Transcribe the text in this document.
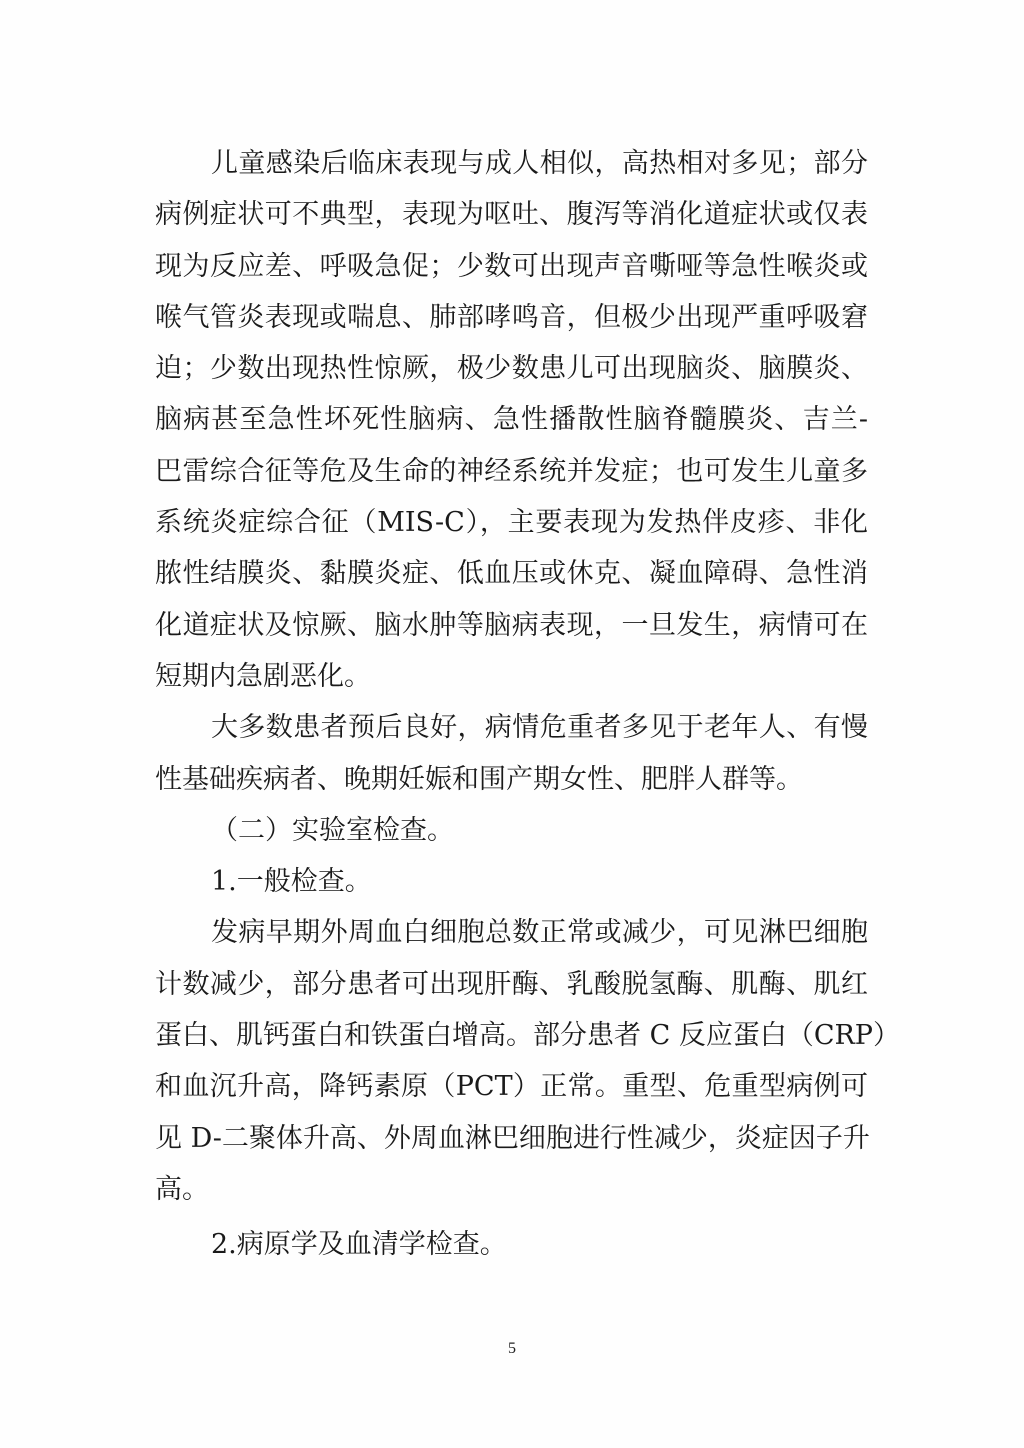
儿童感染后临床表现与成人相似，高热相对多见；部分
病例症状可不典型，表现为呕吐、腹泻等消化道症状或仅表
现为反应差、呼吸急促；少数可出现声音嘶哑等急性喉炎或
喉气管炎表现或喘息、肺部哮鸣音，但极少出现严重呼吸窘
迫；少数出现热性惊厥，极少数患儿可出现脑炎、脑膜炎、
脑病甚至急性坏死性脑病、急性播散性脑脊髓膜炎、吉兰-
巴雷综合征等危及生命的神经系统并发症；也可发生儿童多
系统炎症综合征（MIS-C），主要表现为发热伴皮疹、非化
脓性结膜炎、黏膜炎症、低血压或休克、凝血障碍、急性消
化道症状及惊厥、脑水肿等脑病表现，一旦发生，病情可在
短期内急剧恶化。
大多数患者预后良好，病情危重者多见于老年人、有慢
性基础疾病者、晚期妊娠和围产期女性、肥胖人群等。
（二）实验室检查。
1.一般检查。
发病早期外周血白细胞总数正常或减少，可见淋巴细胞
计数减少，部分患者可出现肝酶、乳酸脱氢酶、肌酶、肌红
蛋白、肌钙蛋白和铁蛋白增高。部分患者 C 反应蛋白（CRP）
和血沉升高，降钙素原（PCT）正常。重型、危重型病例可
见 D-二聚体升高、外周血淋巴细胞进行性减少，炎症因子升
高。
2.病原学及血清学检查。
5
